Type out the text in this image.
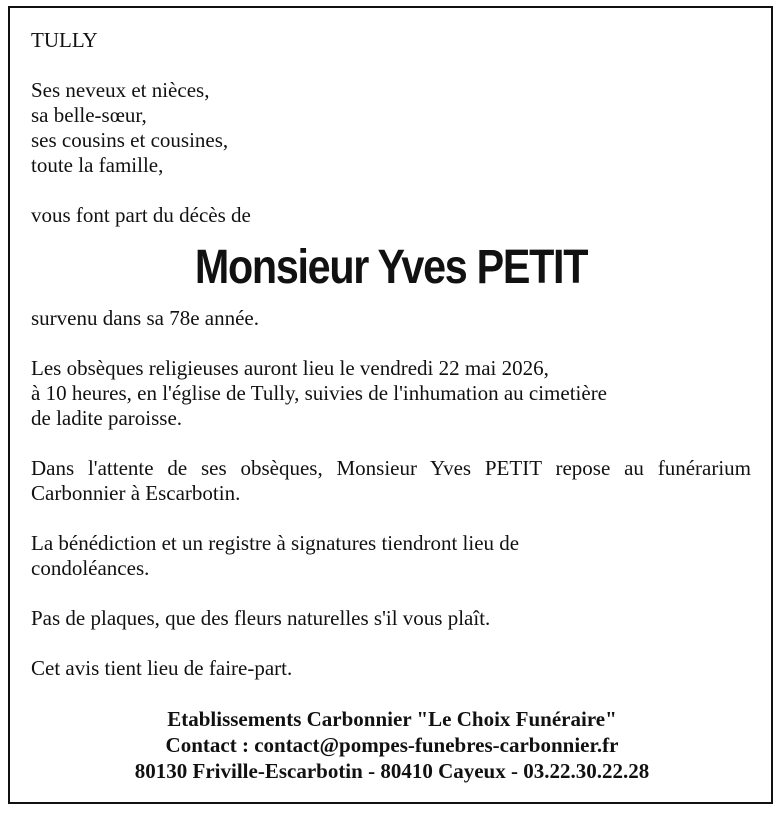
TULLY

Ses neveux et nièces,
sa belle-sœur,
ses cousins et cousines,
toute la famille,

vous font part du décès de

Monsieur Yves PETIT

survenu dans sa 78e année.

Les obsèques religieuses auront lieu le vendredi 22 mai 2026,
à 10 heures, en l'église de Tully, suivies de l'inhumation au cimetière
de ladite paroisse.

Dans l'attente de ses obsèques, Monsieur Yves PETIT repose au funérarium Carbonnier à Escarbotin.

La bénédiction et un registre à signatures tiendront lieu de
condoléances.

Pas de plaques, que des fleurs naturelles s'il vous plaît.

Cet avis tient lieu de faire-part.

Etablissements Carbonnier "Le Choix Funéraire"
Contact : contact@pompes-funebres-carbonnier.fr
80130 Friville-Escarbotin - 80410 Cayeux - 03.22.30.22.28
